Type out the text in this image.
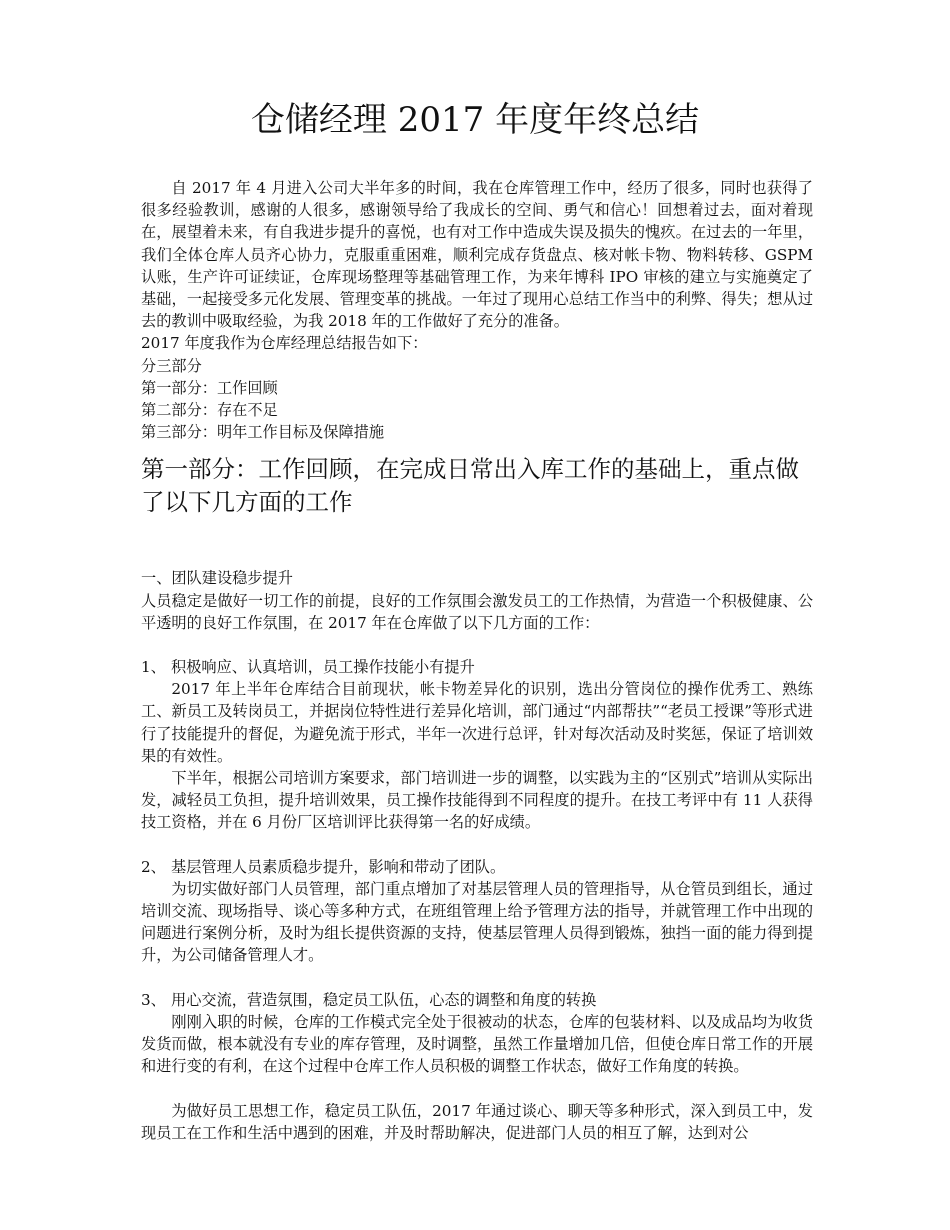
仓储经理 2017 年度年终总结

自 2017 年 4 月进入公司大半年多的时间，我在仓库管理工作中，经历了很多，同时也获得了很多经验教训，感谢的人很多，感谢领导给了我成长的空间、勇气和信心！回想着过去，面对着现在，展望着未来，有自我进步提升的喜悦，也有对工作中造成失误及损失的愧疚。在过去的一年里，我们全体仓库人员齐心协力，克服重重困难，顺利完成存货盘点、核对帐卡物、物料转移、GSPM 认账，生产许可证续证，仓库现场整理等基础管理工作，为来年博科 IPO 审核的建立与实施奠定了基础，一起接受多元化发展、管理变革的挑战。一年过了现用心总结工作当中的利弊、得失；想从过去的教训中吸取经验，为我 2018 年的工作做好了充分的准备。

2017 年度我作为仓库经理总结报告如下：

分三部分

第一部分：工作回顾

第二部分：存在不足

第三部分：明年工作目标及保障措施

第一部分：工作回顾，在完成日常出入库工作的基础上，重点做了以下几方面的工作

一、团队建设稳步提升

人员稳定是做好一切工作的前提，良好的工作氛围会激发员工的工作热情，为营造一个积极健康、公平透明的良好工作氛围，在 2017 年在仓库做了以下几方面的工作：

1、 积极响应、认真培训，员工操作技能小有提升

2017 年上半年仓库结合目前现状，帐卡物差异化的识别，选出分管岗位的操作优秀工、熟练工、新员工及转岗员工，并据岗位特性进行差异化培训，部门通过“内部帮扶”“老员工授课”等形式进行了技能提升的督促，为避免流于形式，半年一次进行总评，针对每次活动及时奖惩，保证了培训效果的有效性。

下半年，根据公司培训方案要求，部门培训进一步的调整，以实践为主的“区别式”培训从实际出发，减轻员工负担，提升培训效果，员工操作技能得到不同程度的提升。在技工考评中有 11 人获得技工资格，并在 6 月份厂区培训评比获得第一名的好成绩。

2、 基层管理人员素质稳步提升，影响和带动了团队。

为切实做好部门人员管理，部门重点增加了对基层管理人员的管理指导，从仓管员到组长，通过培训交流、现场指导、谈心等多种方式，在班组管理上给予管理方法的指导，并就管理工作中出现的问题进行案例分析，及时为组长提供资源的支持，使基层管理人员得到锻炼，独挡一面的能力得到提升，为公司储备管理人才。

3、 用心交流，营造氛围，稳定员工队伍，心态的调整和角度的转换

刚刚入职的时候，仓库的工作模式完全处于很被动的状态，仓库的包装材料、以及成品均为收货发货而做，根本就没有专业的库存管理，及时调整，虽然工作量增加几倍，但使仓库日常工作的开展和进行变的有利，在这个过程中仓库工作人员积极的调整工作状态，做好工作角度的转换。

为做好员工思想工作，稳定员工队伍，2017 年通过谈心、聊天等多种形式，深入到员工中，发现员工在工作和生活中遇到的困难，并及时帮助解决，促进部门人员的相互了解，达到对公
